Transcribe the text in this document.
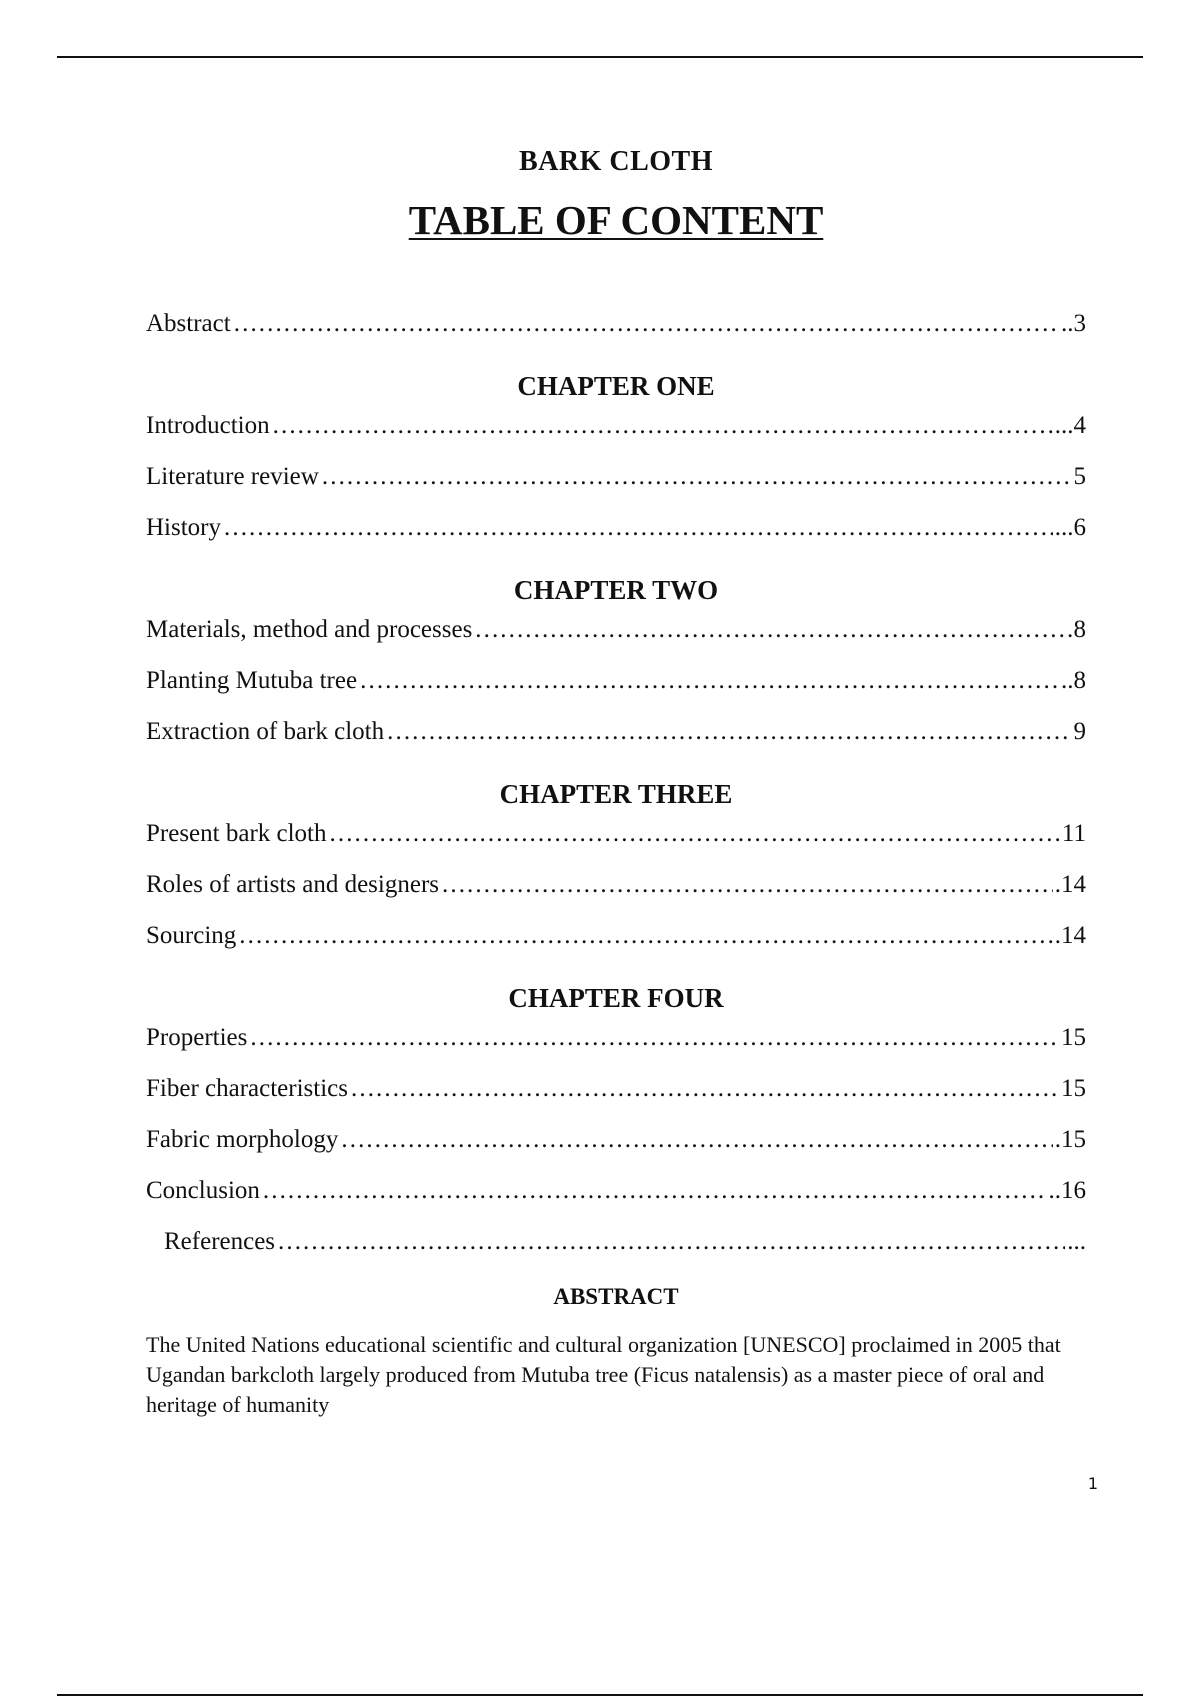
BARK CLOTH
TABLE OF CONTENT
Abstract ……………………………………………………………………………………………………………………………………………………	..3
CHAPTER ONE
Introduction ……………………………………………………………………………………………………………………………………………………	...4
Literature review ……………………………………………………………………………………………………………………………………………………	5
History ……………………………………………………………………………………………………………………………………………………	...6
CHAPTER TWO
Materials, method and processes ……………………………………………………………………………………………………………………………………………………	8
Planting Mutuba tree ……………………………………………………………………………………………………………………………………………………	..8
Extraction of bark cloth ……………………………………………………………………………………………………………………………………………………	9
CHAPTER THREE
Present bark cloth ……………………………………………………………………………………………………………………………………………………	11
Roles of artists and designers ……………………………………………………………………………………………………………………………………………………	.14
Sourcing ……………………………………………………………………………………………………………………………………………………	.14
CHAPTER FOUR
Properties ……………………………………………………………………………………………………………………………………………………	15
Fiber characteristics ……………………………………………………………………………………………………………………………………………………	15
Fabric morphology ……………………………………………………………………………………………………………………………………………………	.15
Conclusion ……………………………………………………………………………………………………………………………………………………	..16
References ……………………………………………………………………………………………………………………………………………………	...
ABSTRACT
The United Nations educational scientific and cultural organization [UNESCO] proclaimed in 2005 that Ugandan barkcloth largely produced from Mutuba tree (Ficus natalensis) as a master piece of oral and heritage of humanity
1
